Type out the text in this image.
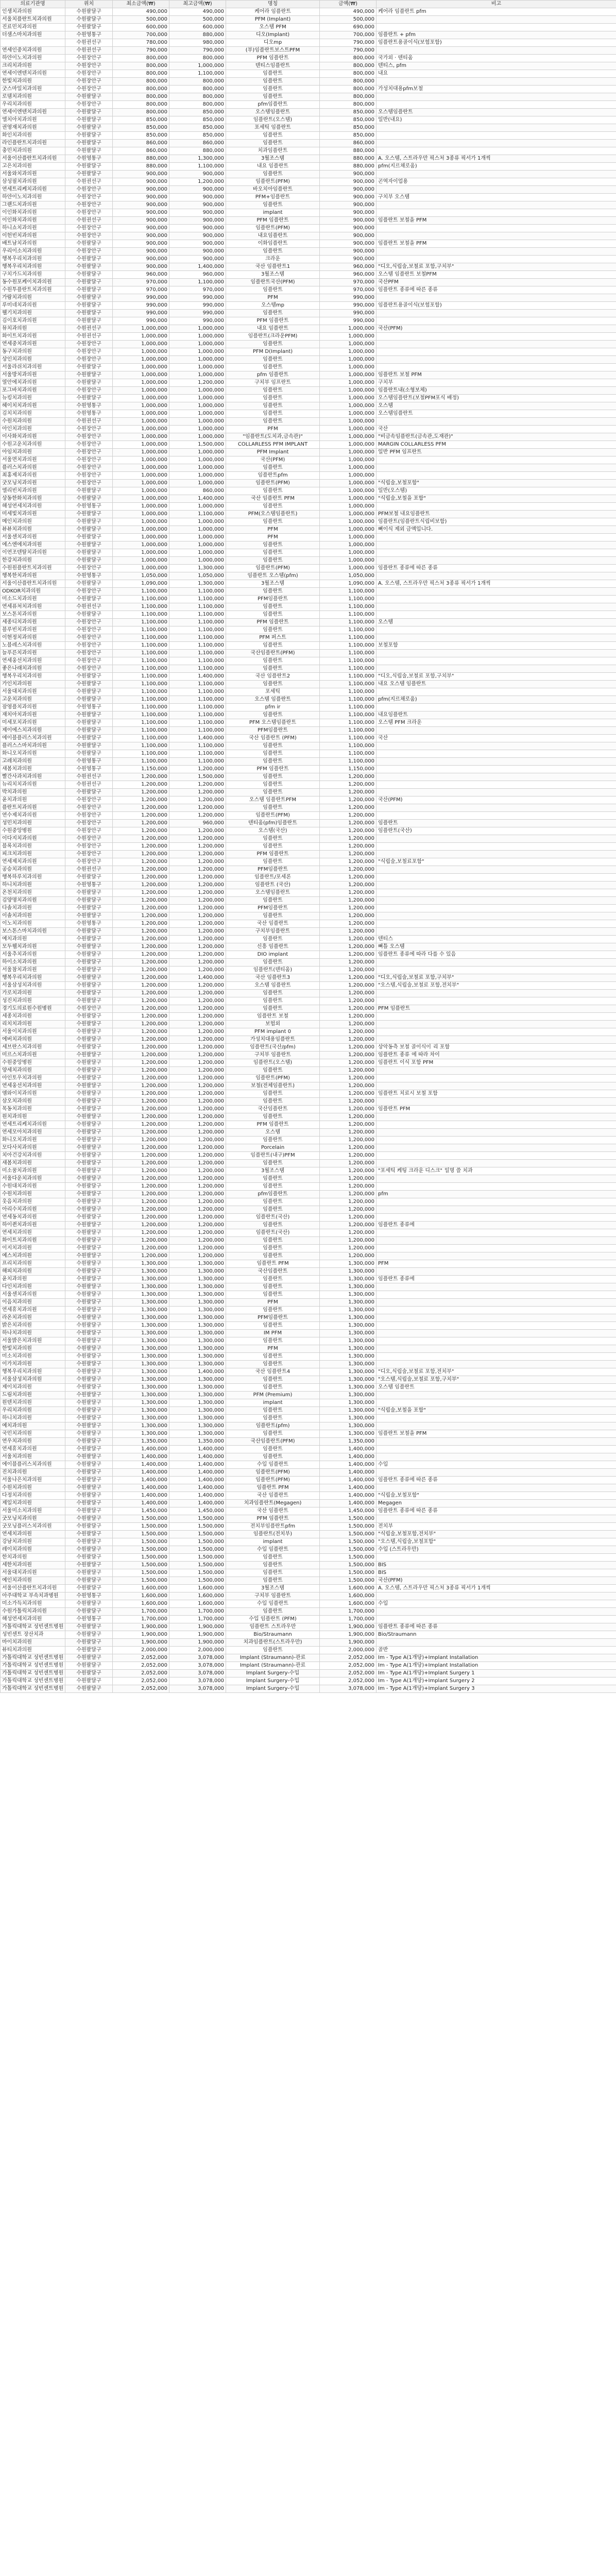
의료기관명	위치	최소금액(₩)	최고금액(₩)	명칭	금액(₩)	비고
인생치과의원	수원팔달구	490,000	490,000	케어라 임플란트	490,000	케어라 임플란트 pfm
서울치플란트치과의원	수원팔달구	500,000	500,000	PFM (Implant)	500,000	
진료민치과의원	수원팔달구	600,000	600,000	오스템 PFM	690,000	
더샘스마치과의원	수원영통구	700,000	880,000	디오(Implant)	700,000	임플란트 + pfm
	수원권선구	780,000	980,000	디오mp	790,000	임플란트용골이식(보험포함)
연세인중치과의원	수원권선구	790,000	790,000	(부)임플란트보스트PFM	790,000	
하얀이노치과의원	수원장안구	800,000	800,000	PFM 임플란트	800,000	국가외 · 덴티움
크리치과의원	수원장안구	800,000	1,000,000	덴티스임플란트	800,000	덴티스, pfm
연세이엔덴치과의원	수원장안구	800,000	1,100,000	임플란트	800,000	내요
한빛치과의원	수원장안구	800,000	800,000	임플란트	800,000	
굿스마일치과의원	수원장안구	800,000	800,000	임플란트	800,000	가성치대용pfm보철
로뎀치과의원	수원팔달구	800,000	800,000	임플란트	800,000	
우리치과의원	수원장안구	800,000	800,000	pfm임플란트	800,000	
연세이엔덴치과의원	수원팔달구	800,000	850,000	오스템임플란트	850,000	오스템임플란트
엘치아치과의원	수원팔달구	850,000	850,000	임플란트(오스템)	850,000	일반(내요)
권영재치과의원	수원팔달구	850,000	850,000	포세틱 임플란트	850,000	
화인치과의원	수원팔달구	850,000	850,000	임플란트	850,000	
라인플란트치과의원	수원팔달구	860,000	860,000	임플란트	860,000	
충민치과의원	수원팔달구	860,000	880,000	치과임플란트	880,000	
서울이산플란트치과의원	수원영통구	880,000	1,300,000	3월조스템	880,000	A. 오스템, 스트라우만 픽스처 3종류 픽서가 1개씩
고은치과의원	수원팔달구	880,000	1,100,000	내요 임플란트	880,000	pfm(지르채로움)
서울와치과의원	수원팔달구	900,000	900,000	임플란트	900,000	
삼성필치과의원	수원권선구	900,000	1,200,000	임플란트(PFM)	900,000	곤역자이업용
연세트리케치과의원	수원장안구	900,000	900,000	바오치아임플란트	900,000	
하얀이노치과의원	수원장안구	900,000	900,000	PFM+임플란트	900,000	구치부 오스템
그랜드치과의원	수원장안구	900,000	900,000	임플란트	900,000	
이인화치과의원	수원장안구	900,000	900,000	implant	900,000	
이인화치과의원	수원권선구	900,000	900,000	PFM 임플란트	900,000	임플란트 보철을 PFM
하니쇼치과의원	수원장안구	900,000	900,000	임플란트(PFM)	900,000	
이헌빈치과의원	수원장안구	900,000	900,000	내요임플란트	900,000	
배트남치과의원	수원팔달구	900,000	900,000	이화임플란트	900,000	임플란트 보철을 PFM
우리이소치과의원	수원장안구	900,000	900,000	임플란트	900,000	
행복우리치과의원	수원팔달구	900,000	900,000	크라운	900,000	
행복우리치과의원	수원팔달구	900,000	1,400,000	국산 임플란트1	960,000	"디오,식립술,보철료 포함,구치부"
구치가드치과의원	수원팔달구	960,000	960,000	3월조스템	960,000	오스템 임플란트 보철PFM
동수원포케이치과의원	수원팔달구	970,000	1,100,000	임플란트국산(PFM)	970,000	국산PFM
수원투플란트치과의원	수원팔달구	970,000	970,000	임플란트	970,000	임플란트 종류에 따른 종류
가람치과의원	수원팔달구	990,000	990,000	PFM	990,000	
루미네치과의원	수원팔달구	990,000	990,000	오스템mp	990,000	임플란트용골이식(보험포함)
웰기치과의원	수원팔달구	990,000	990,000	임플란트	990,000	
김이호치과의원	수원팔달구	990,000	990,000	PFM 임플란트	990,000	
뮤치과의원	수원권선구	1,000,000	1,000,000	내요 임플란트	1,000,000	국산(PFM)
화이트치과의원	수원권선구	1,000,000	1,000,000	임플란트(크라운PFM)	1,000,000	
연세중치과의원	수원장안구	1,000,000	1,000,000	임플란트	1,000,000	
동구치과의원	수원장안구	1,000,000	1,000,000	PFM D(Implant)	1,000,000	
상인치과의원	수원장안구	1,000,000	1,000,000	임플란트	1,000,000	
서울라쉬치과의원	수원팔달구	1,000,000	1,000,000	임플란트	1,000,000	
서울방치과의원	수원팔달구	1,000,000	1,000,000	pfm 임플란트	1,000,000	임플란트 보철 PFM
열안에치과의원	수원팔달구	1,000,000	1,200,000	구치부 임프란트	1,000,000	구치부
포그바치과의원	수원장안구	1,000,000	1,000,000	임플란트	1,000,000	임플란트내(소형보체)
뉴킹치과의원	수원팔달구	1,000,000	1,000,000	임플란트	1,000,000	오스템임플란트(보철PFM포식 배정)
헤이치치과의원	수원영통구	1,000,000	1,000,000	임플란트	1,000,000	오스템
김치치과의원	수원영통구	1,000,000	1,000,000	임플란트	1,000,000	오스템임플란트
수원치과의원	수원권선구	1,000,000	1,000,000	임플란트	1,000,000	
아인치과의원	수원장안구	1,000,000	1,000,000	PFM	1,000,000	국산
이사화치과의원	수원장안구	1,000,000	1,000,000	"임플란트(도치과,금속관)"	1,000,000	"비금속임플란트(금속관,도재관)"
수원고운치과의원	수원장안구	1,000,000	1,500,000	COLLARLESS PFM IMPLANT	1,000,000	MARGIN COLLARLESS PFM
아임치과의원	수원장안구	1,000,000	1,000,000	PFM Implant	1,000,000	일반 PFM 임프란트
서울면치과의원	수원장안구	1,000,000	1,000,000	국산(PFM)	1,000,000	
플러스치과의원	수원장안구	1,000,000	1,000,000	임플란트	1,000,000	
최홍제치과의원	수원장안구	1,000,000	1,000,000	임플란트pfm	1,000,000	
굿모닝치과의원	수원장안구	1,000,000	1,000,000	임플란트(PFM)	1,000,000	"식립술,보철포함"
엘리빈치과의원	수원팔달구	1,000,000	860,000	임플란트	1,000,000	일반(오스템)
상동한화치과의원	수원팔달구	1,000,000	1,400,000	국산 임플란트 PFM	1,000,000	"식립술,보철을 포함"
해성연세치과의원	수원영통구	1,000,000	1,000,000	임플란트	1,000,000	
미세빛치과의원	수원팔달구	1,000,000	1,100,000	PFM(오스템임플란트)	1,000,000	PFM보철 내요임플란트
메인치과의원	수원팔달구	1,000,000	1,000,000	임플란트	1,000,000	임플란트(임플란트식립비보함)
뷰뷰치과의원	수원팔달구	1,000,000	1,000,000	PFM	1,000,000	뼈이식 제외 금액입니다.
서울센치과의원	수원팔달구	1,000,000	1,000,000	PFM	1,000,000	
에스엔에치과의원	수원팔달구	1,000,000	1,000,000	임플란트	1,000,000	
이연조덴탈치과의원	수원팔달구	1,000,000	1,000,000	임플란트	1,000,000	
한강치과의원	수원팔달구	1,000,000	1,000,000	임플란트	1,000,000	
수원원플란트치과의원	수원장안구	1,000,000	1,300,000	임플란트(PFM)	1,000,000	임플란트 종류에 따른 종류
행복한치과의원	수원영통구	1,050,000	1,050,000	임플란트 오스템(pfm)	1,050,000	
서울이산플란트치과의원	수원팔달구	1,090,000	1,300,000	3월조스템	1,090,000	A. 오스템, 스트라우만 픽스처 3종류 픽서가 1개씩
ODKOR치과의원	수원장안구	1,100,000	1,100,000	임플란트	1,100,000	
미소드치과의원	수원팔달구	1,100,000	1,100,000	PFM임플란트	1,100,000	
연세퓨처치과의원	수원권선구	1,100,000	1,100,000	임플란트	1,100,000	
보스톤치과의원	수원팔달구	1,100,000	1,100,000	임플란트	1,100,000	
세종디치과의원	수원장안구	1,100,000	1,100,000	PFM 임플란트	1,100,000	오스템
블루빈치과의원	수원장안구	1,100,000	1,100,000	임플란트	1,100,000	
이현정치과의원	수원장안구	1,100,000	1,100,000	PFM 퍼스트	1,100,000	
노블레스치과의원	수원장안구	1,100,000	1,100,000	임플란트	1,100,000	보철포함
늘푸른치과의원	수원장안구	1,100,000	1,100,000	국산임플란트(PFM)	1,100,000	
연세웅선치과의원	수원장안구	1,100,000	1,100,000	임플란트	1,100,000	
좋은나래치과의원	수원장안구	1,100,000	1,100,000	임플란트	1,100,000	
행복우리치과의원	수원팔달구	1,100,000	1,400,000	국산 임플란트2	1,100,000	"디오,식립술,보철료 포함,구치부"
가인치과의원	수원팔달구	1,100,000	1,100,000	임플란트	1,100,000	내요 오스템 임플란트
서울대치과의원	수원팔달구	1,100,000	1,100,000	포세틱	1,100,000	
고운치과의원	수원팔달구	1,100,000	1,100,000	오스템 임플란트	1,100,000	pfm(지르채로움)
잠영플치과의원	수원영통구	1,100,000	1,100,000	pfm ir	1,100,000	
재치아치과의원	수원팔달구	1,100,000	1,100,000	임플란트	1,100,000	내요임플란트
미세포치과의원	수원팔달구	1,100,000	1,100,000	PFM 오스템임플란트	1,100,000	오스템 PFM 크라운
제이에스치과의원	수원팔달구	1,100,000	1,100,000	PFM임플란트	1,100,000	
에이블플러스치과의원	수원팔달구	1,100,000	1,400,000	국산 임플란트 (PFM)	1,100,000	국산
플러스스마치과의원	수원팔달구	1,100,000	1,100,000	임플란트	1,100,000	
화니오치과의원	수원팔달구	1,100,000	1,100,000	임플란트	1,100,000	
고레치과의원	수원영통구	1,100,000	1,100,000	임플란트	1,100,000	
새봄치과의원	수원영통구	1,150,000	1,200,000	PFM 임플란트	1,150,000	
빨간사과치과의원	수원권선구	1,200,000	1,500,000	임플란트	1,200,000	
뉴리치치과의원	수원권선구	1,200,000	1,200,000	임플란트	1,200,000	
박치과의원	수원팔달구	1,200,000	1,200,000	임플란트	1,200,000	
윤치과의원	수원장안구	1,200,000	1,200,000	오스템 임플란트PFM	1,200,000	국산(PFM)
플란트치과의원	수원장안구	1,200,000	1,200,000	임플란트	1,200,000	
연수제치과의원	수원장안구	1,200,000	1,200,000	임플란트(PFM)	1,200,000	
성민치과의원	수원장안구	1,200,000	960,000	덴티움(pfm)임플란트	1,200,000	임플란트
수원중앙병원	수원장안구	1,200,000	1,200,000	오스템(국산)	1,200,000	임플란트(국산)
이다지치과의원	수원장안구	1,200,000	1,200,000	임플란트	1,200,000	
블록치과의원	수원장안구	1,200,000	1,200,000	임플란트	1,200,000	
피크치과의원	수원장안구	1,200,000	1,200,000	PFM 임플란트	1,200,000	
연세제치과의원	수원장안구	1,200,000	1,200,000	임플란트	1,200,000	"식립술,보철료포함"
공승치과의원	수원권선구	1,200,000	1,200,000	PFM임플란트	1,200,000	
행복하루치과의원	수원팔달구	1,200,000	1,200,000	임플란트/포세론	1,200,000	
하니치과의원	수원영통구	1,200,000	1,200,000	임플란트 (국산)	1,200,000	
온천치과의원	수원팔달구	1,200,000	1,200,000	오스템임플란트	1,200,000	
김양명치과의원	수원팔달구	1,200,000	1,200,000	임플란트	1,200,000	
다솔치과의원	수원팔달구	1,200,000	1,200,000	PFM임플란트	1,200,000	
이솔치과의원	수원팔달구	1,200,000	1,200,000	임플란트	1,200,000	
이노치과의원	수원영통구	1,200,000	1,200,000	국산 임플란트	1,200,000	
보스톤스마치과의원	수원팔달구	1,200,000	1,200,000	구치부임플란트	1,200,000	
예치과의원	수원팔달구	1,200,000	1,200,000	임플란트	1,200,000	덴티스
모두웰치과의원	수원팔달구	1,200,000	1,200,000	신흥 임플란트	1,200,000	뼈틀 오스템
서울추치과의원	수원팔달구	1,200,000	1,200,000	DIO implant	1,200,000	임플란트 종류에 따라 다를 수 있음
하이소치과의원	수원팔달구	1,200,000	1,200,000	임플란트	1,200,000	
서울참치과의원	수원팔달구	1,200,000	1,200,000	임플란트(덴티움)	1,200,000	
행복우리치과의원	수원팔달구	1,200,000	1,400,000	국산 임플란트3	1,200,000	"디오,식립술,보철료 포함,구치부"
서울삼성치과의원	수원팔달구	1,200,000	1,200,000	오스템 임플란트	1,200,000	"오스템,식립술,보철료 포함,전치부"
가로치과의원	수원팔달구	1,200,000	1,200,000	임플란트	1,200,000	
성진치과의원	수원팔달구	1,200,000	1,200,000	임플란트	1,200,000	
경기도의료원수원병원	수원장안구	1,200,000	1,200,000	임플란트	1,200,000	PFM 임플란트
세종치과의원	수원팔달구	1,200,000	1,200,000	임플란트 보철	1,200,000	
리치치과의원	수원팔달구	1,200,000	1,200,000	보험외	1,200,000	
서울이치과의원	수원팔달구	1,200,000	1,200,000	PFM implant 0	1,200,000	
에버치과의원	수원팔달구	1,200,000	1,200,000	가성치대용임플란트	1,200,000	
세브란스치과의원	수원팔달구	1,200,000	1,200,000	임플란트(국산/pfm)	1,200,000	상악동측 보철 골이식이 리 포함
미르스치과의원	수원팔달구	1,200,000	1,200,000	구치부 임플란트	1,200,000	임플란트 종류 에 따라 차이
수원중앙병원	수원팔달구	1,200,000	1,200,000	임플란트(오스템)	1,200,000	임플란트 이식 포함 PFM
양세치과의원	수원팔달구	1,200,000	1,200,000	임플란트	1,200,000	
아인토우치과의원	수원팔달구	1,200,000	1,200,000	임플란트(PFM)	1,200,000	
연세웅선치과의원	수원팔달구	1,200,000	1,200,000	보철(전체임플란트)	1,200,000	
엠와이치과의원	수원팔달구	1,200,000	1,200,000	임플란트	1,200,000	임플란트 치료시 보철 포함
삼오치과의원	수원팔달구	1,200,000	1,200,000	임플란트	1,200,000	
목동치과의원	수원팔달구	1,200,000	1,200,000	국산임플란트	1,200,000	임플란트 PFM
원치과의원	수원팔달구	1,200,000	1,200,000	임플란트	1,200,000	
연세트리케치과의원	수원팔달구	1,200,000	1,200,000	PFM 임플란트	1,200,000	
연세모아치과의원	수원팔달구	1,200,000	1,200,000	오스템	1,200,000	
화니오치과의원	수원팔달구	1,200,000	1,200,000	임플란트	1,200,000	
모다사치과의원	수원팔달구	1,200,000	1,200,000	Porcelain	1,200,000	
치아건강치과의원	수원팔달구	1,200,000	1,200,000	임플란트(내구)PFM	1,200,000	
새봄치과의원	수원팔달구	1,200,000	1,200,000	임플란트	1,200,000	
미소꿈치과의원	수원팔달구	1,200,000	1,200,000	3월조스템	1,200,000	"포세틱 케팅 크라운 디스크" 일명 쓸 치과
서울다운치과의원	수원팔달구	1,200,000	1,200,000	임플란트	1,200,000	
수원대치과의원	수원팔달구	1,200,000	1,200,000	임플란트	1,200,000	
수원치과의원	수원팔달구	1,200,000	1,200,000	pfm임플란트	1,200,000	pfm
웃음치과의원	수원팔달구	1,200,000	1,200,000	임플란트	1,200,000	
아리수치과의원	수원팔달구	1,200,000	1,200,000	임플란트	1,200,000	
연세동치과의원	수원팔달구	1,200,000	1,200,000	임플란트(국산)	1,200,000	
하이퀸치과의원	수원팔달구	1,200,000	1,200,000	임플란트	1,200,000	임플란트 종류에
연세치과의원	수원팔달구	1,200,000	1,200,000	임플란트(국산)	1,200,000	
화이트치과의원	수원팔달구	1,200,000	1,200,000	임플란트	1,200,000	
이지치과의원	수원팔달구	1,200,000	1,200,000	임플란트	1,200,000	
예스치과의원	수원팔달구	1,200,000	1,200,000	임플란트	1,200,000	
프리치과의원	수원팔달구	1,300,000	1,300,000	임플란트 PFM	1,300,000	PFM
해피치과의원	수원팔달구	1,300,000	1,300,000	국산임플란트	1,300,000	
윤치과의원	수원팔달구	1,300,000	1,300,000	임플란트	1,300,000	임플란트 종류에
다인치과의원	수원팔달구	1,300,000	1,300,000	임플란트	1,300,000	
서울센치과의원	수원팔달구	1,300,000	1,300,000	임플란트	1,300,000	
이음치과의원	수원팔달구	1,300,000	1,300,000	PFM	1,300,000	
연세휴치과의원	수원팔달구	1,300,000	1,300,000	임플란트	1,300,000	
라온치과의원	수원팔달구	1,300,000	1,300,000	PFM임플란트	1,300,000	
밝은치과의원	수원팔달구	1,300,000	1,300,000	임플란트	1,300,000	
하나치과의원	수원팔달구	1,300,000	1,300,000	IM PFM	1,300,000	
서울밝은치과의원	수원팔달구	1,300,000	1,300,000	임플란트	1,300,000	
한빛치과의원	수원팔달구	1,300,000	1,300,000	PFM	1,300,000	
미소치과의원	수원팔달구	1,300,000	1,300,000	임플란트	1,300,000	
이가치과의원	수원팔달구	1,300,000	1,300,000	임플란트	1,300,000	
행복우리치과의원	수원팔달구	1,300,000	1,400,000	국산 임플란트4	1,300,000	"디오,식립술,보철료 포함,전치부"
서울삼성치과의원	수원팔달구	1,300,000	1,300,000	임플란트	1,300,000	"오스템,식립술,보철료 포함,구치부"
제이치과의원	수원팔달구	1,300,000	1,300,000	임플란트	1,300,000	오스템 임플란트
드림치과의원	수원팔달구	1,300,000	1,300,000	PFM (Premium)	1,300,000	
원덴치과의원	수원팔달구	1,300,000	1,300,000	implant	1,300,000	
우리치과의원	수원팔달구	1,300,000	1,300,000	임플란트	1,300,000	"식립술,보철을 포함"
하니치과의원	수원팔달구	1,300,000	1,300,000	임플란트	1,300,000	
예치과의원	수원팔달구	1,300,000	1,300,000	임플란트(pfm)	1,300,000	
국민치과의원	수원팔달구	1,300,000	1,300,000	임플란트	1,300,000	임플란트 보철을 PFM
연우치과의원	수원팔달구	1,350,000	1,350,000	국산임플란트(PFM)	1,350,000	
연세휴치과의원	수원팔달구	1,400,000	1,400,000	임플란트	1,400,000	
서울치과의원	수원팔달구	1,400,000	1,400,000	임플란트	1,400,000	
에이블플러스치과의원	수원팔달구	1,400,000	1,400,000	수입 임플란트	1,400,000	수입
진치과의원	수원팔달구	1,400,000	1,400,000	임플란트(PFM)	1,400,000	
서울나은치과의원	수원팔달구	1,400,000	1,400,000	임플란트(PFM)	1,400,000	임플란트 종류에 따른 종류
수원치과의원	수원팔달구	1,400,000	1,400,000	임플란트 PFM	1,400,000	
다정치과의원	수원팔달구	1,400,000	1,400,000	국산 임플란트	1,400,000	"식립술,보철포함"
제일치과의원	수원팔달구	1,400,000	1,400,000	치과임플란트(Megagen)	1,400,000	Megagen
서울미소치과의원	수원팔달구	1,450,000	1,450,000	국산 임플란트	1,450,000	임플란트 종류에 따른 종류
굿모닝치과의원	수원팔달구	1,500,000	1,500,000	PFM 임플란트	1,500,000	
굿모닝플러스치과의원	수원팔달구	1,500,000	1,500,000	전치부임플란트pfm	1,500,000	전치부
연세치과의원	수원팔달구	1,500,000	1,500,000	임플란트(전치부)	1,500,000	"식립술,보철포함,전치부"
강남치과의원	수원팔달구	1,500,000	1,500,000	implant	1,500,000	"오스템,식립술,보철포함"
레이치과의원	수원팔달구	1,500,000	1,500,000	수입 임플란트	1,500,000	수입 (스트라우만)
한치과의원	수원팔달구	1,500,000	1,500,000	임플란트	1,500,000	
세한치과의원	수원팔달구	1,500,000	1,500,000	임플란트	1,500,000	BIS
서울대치과의원	수원팔달구	1,500,000	1,500,000	임플란트	1,500,000	BIS
예인치과의원	수원팔달구	1,500,000	1,500,000	임플란트	1,500,000	국산(PFM)
서울이산플란트치과의원	수원팔달구	1,600,000	1,600,000	3월조스템	1,600,000	A. 오스템, 스트라우만 픽스처 3종류 픽서가 1개씩
아주대학교 부속치과병원	수원영통구	1,600,000	1,600,000	구치부 임플란트	1,600,000	
미소가득치과의원	수원팔달구	1,600,000	1,600,000	수입 임플란트	1,600,000	수입
수원가톨릭치과의원	수원팔달구	1,700,000	1,700,000	임플란트	1,700,000	
해성연세치과의원	수원영통구	1,700,000	1,700,000	수입 임플란트 (PFM)	1,700,000	
가톨릭대학교 성빈센트병원	수원팔달구	1,900,000	1,900,000	임플란트 스트라우만	1,900,000	임플란트 종류에 따른 종류
성빈센트 장산치과	수원팔달구	1,900,000	1,900,000	Bio/Straumann	1,900,000	Bio/Straumann
마이치과의원	수원팔달구	1,900,000	1,900,000	치과임플란트(스트라우만)	1,900,000	
뷰티치과의원	수원팔달구	2,000,000	2,000,000	임플란트	2,000,000	골반
가톨릭대학교 성빈센트병원	수원팔달구	2,052,000	3,078,000	Implant (Straumann)-관료	2,052,000	Im - Type A(1개당)+Implant Installation
가톨릭대학교 성빈센트병원	수원팔달구	2,052,000	3,078,000	Implant (Straumann)-관료	2,052,000	Im - Type A(1개당)+Implant Installation
가톨릭대학교 성빈센트병원	수원팔달구	2,052,000	3,078,000	Implant Surgery-수입	2,052,000	Im - Type A(1개당)+Implant Surgery 1
가톨릭대학교 성빈센트병원	수원팔달구	2,052,000	3,078,000	Implant Surgery-수입	2,052,000	Im - Type A(1개당)+Implant Surgery 2
가톨릭대학교 성빈센트병원	수원팔달구	2,052,000	3,078,000	Implant Surgery-수입	3,078,000	Im - Type A(1개당)+Implant Surgery 3
